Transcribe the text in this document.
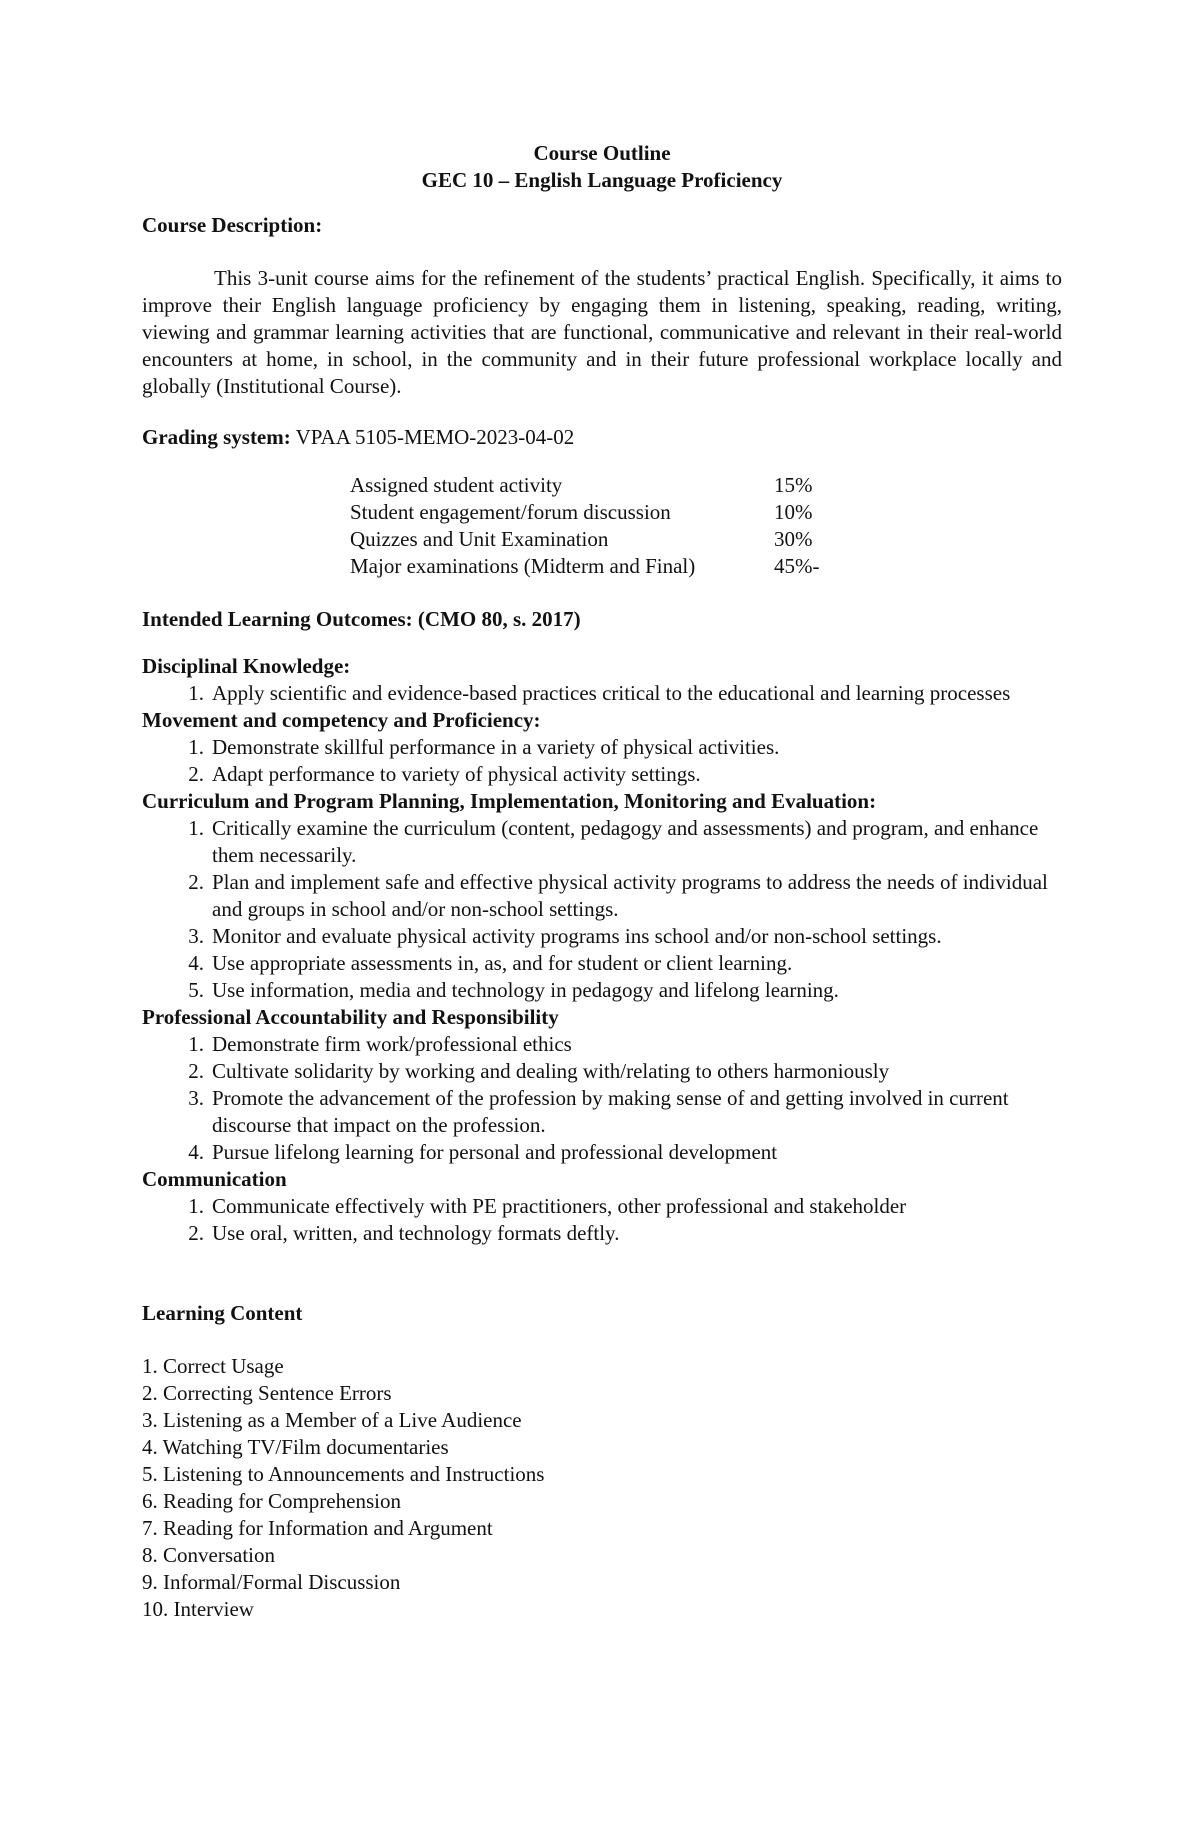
Course Outline
GEC 10 – English Language Proficiency
Course Description:
This 3-unit course aims for the refinement of the students’ practical English. Specifically, it aims to improve their English language proficiency by engaging them in listening, speaking, reading, writing, viewing and grammar learning activities that are functional, communicative and relevant in their real-world encounters at home, in school, in the community and in their future professional workplace locally and globally (Institutional Course).
Grading system: VPAA 5105-MEMO-2023-04-02
Assigned student activity	15%
Student engagement/forum discussion	10%
Quizzes and Unit Examination	30%
Major examinations (Midterm and Final)	45%-
Intended Learning Outcomes: (CMO 80, s. 2017)
Disciplinal Knowledge:
1. Apply scientific and evidence-based practices critical to the educational and learning processes
Movement and competency and Proficiency:
1. Demonstrate skillful performance in a variety of physical activities.
2. Adapt performance to variety of physical activity settings.
Curriculum and Program Planning, Implementation, Monitoring and Evaluation:
1. Critically examine the curriculum (content, pedagogy and assessments) and program, and enhance them necessarily.
2. Plan and implement safe and effective physical activity programs to address the needs of individual and groups in school and/or non-school settings.
3. Monitor and evaluate physical activity programs ins school and/or non-school settings.
4. Use appropriate assessments in, as, and for student or client learning.
5. Use information, media and technology in pedagogy and lifelong learning.
Professional Accountability and Responsibility
1. Demonstrate firm work/professional ethics
2. Cultivate solidarity by working and dealing with/relating to others harmoniously
3. Promote the advancement of the profession by making sense of and getting involved in current discourse that impact on the profession.
4. Pursue lifelong learning for personal and professional development
Communication
1. Communicate effectively with PE practitioners, other professional and stakeholder
2. Use oral, written, and technology formats deftly.
Learning Content
1. Correct Usage
2. Correcting Sentence Errors
3. Listening as a Member of a Live Audience
4. Watching TV/Film documentaries
5. Listening to Announcements and Instructions
6. Reading for Comprehension
7. Reading for Information and Argument
8. Conversation
9. Informal/Formal Discussion
10. Interview
